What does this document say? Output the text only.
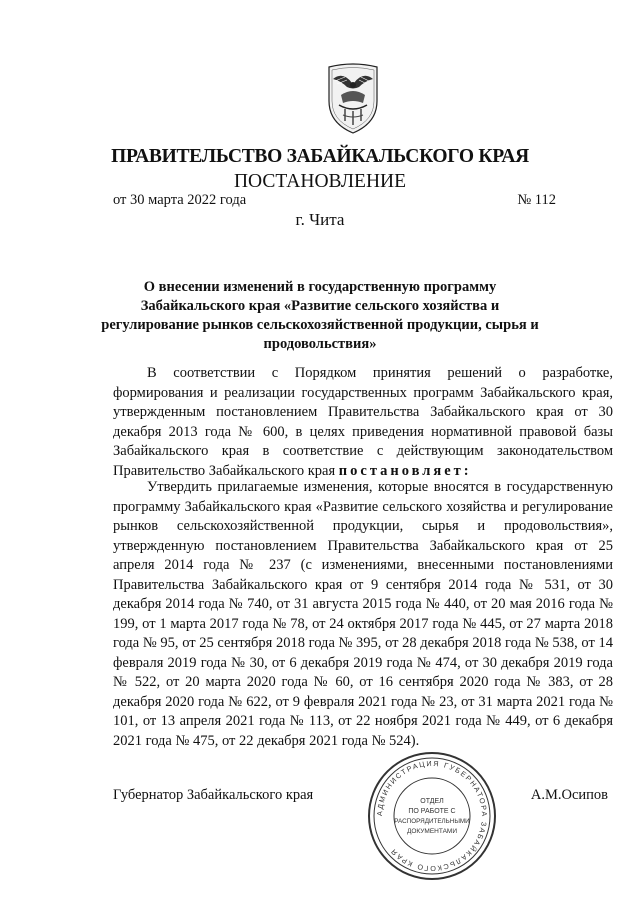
ПРАВИТЕЛЬСТВО ЗАБАЙКАЛЬСКОГО КРАЯ
ПОСТАНОВЛЕНИЕ
от 30 марта 2022 года	№ 112
г. Чита
О внесении изменений в государственную программу Забайкальского края «Развитие сельского хозяйства и регулирование рынков сельскохозяйственной продукции, сырья и продовольствия»
В соответствии с Порядком принятия решений о разработке, формирования и реализации государственных программ Забайкальского края, утвержденным постановлением Правительства Забайкальского края от 30 декабря 2013 года № 600, в целях приведения нормативной правовой базы Забайкальского края в соответствие с действующим законодательством Правительство Забайкальского края постановляет:
Утвердить прилагаемые изменения, которые вносятся в государственную программу Забайкальского края «Развитие сельского хозяйства и регулирование рынков сельскохозяйственной продукции, сырья и продовольствия», утвержденную постановлением Правительства Забайкальского края от 25 апреля 2014 года № 237 (с изменениями, внесенными постановлениями Правительства Забайкальского края от 9 сентября 2014 года № 531, от 30 декабря 2014 года № 740, от 31 августа 2015 года № 440, от 20 мая 2016 года № 199, от 1 марта 2017 года № 78, от 24 октября 2017 года № 445, от 27 марта 2018 года № 95, от 25 сентября 2018 года № 395, от 28 декабря 2018 года № 538, от 14 февраля 2019 года № 30, от 6 декабря 2019 года № 474, от 30 декабря 2019 года № 522, от 20 марта 2020 года № 60, от 16 сентября 2020 года № 383, от 28 декабря 2020 года № 622, от 9 февраля 2021 года № 23, от 31 марта 2021 года № 101, от 13 апреля 2021 года № 113, от 22 ноября 2021 года № 449, от 6 декабря 2021 года № 475, от 22 декабря 2021 года № 524).
Губернатор Забайкальского края	А.М.Осипов
АДМИНИСТРАЦИЯ ГУБЕРНАТОРА ЗАБАЙКАЛЬСКОГО КРАЯ
ОТДЕЛ
ПО РАБОТЕ С
РАСПОРЯДИТЕЛЬНЫМИ
ДОКУМЕНТАМИ
